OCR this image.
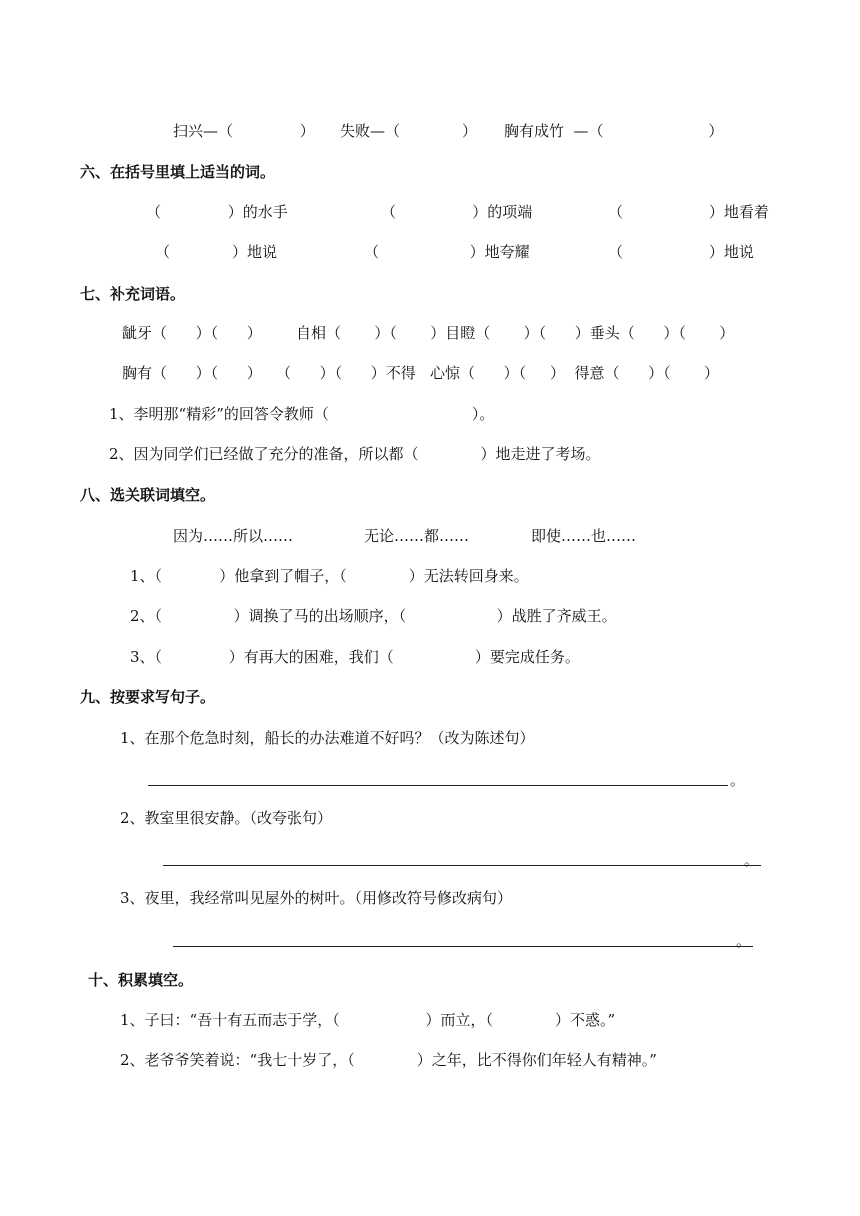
扫兴—（              ） 失败—（             ） 胸有成竹  —（                      ）
六、在括号里填上适当的词。
（              ）的水手	（                ）的项端	（                  ）地看着
（             ）地说	（                   ）地夸耀	（                  ）地说
七、补充词语。
龇牙（      ）（      ） 自相（       ）（       ）目瞪（       ）（      ）垂头（      ）（       ）
胸有（      ）（      ）   （      ）（      ）不得   心惊（      ）（     ）  得意（      ）（       ）
1、李明那“精彩”的回答令教师（                              ）。
2、因为同学们已经做了充分的准备，所以都（             ）地走进了考场。
八、选关联词填空。
因为……所以……	无论……都……	即使……也……
1、（            ）他拿到了帽子，（             ）无法转回身来。
2、（               ）调换了马的出场顺序，（                   ）战胜了齐威王。
3、（              ）有再大的困难，我们（                 ）要完成任务。
九、按要求写句子。
1、在那个危急时刻，船长的办法难道不好吗？（改为陈述句）
。
2、教室里很安静。（改夸张句）
。
3、夜里，我经常叫见屋外的树叶。（用修改符号修改病句）
。
十、积累填空。
1、子曰：“吾十有五而志于学，（                  ）而立，（             ）不惑。”
2、老爷爷笑着说：“我七十岁了，（             ）之年，比不得你们年轻人有精神。”
